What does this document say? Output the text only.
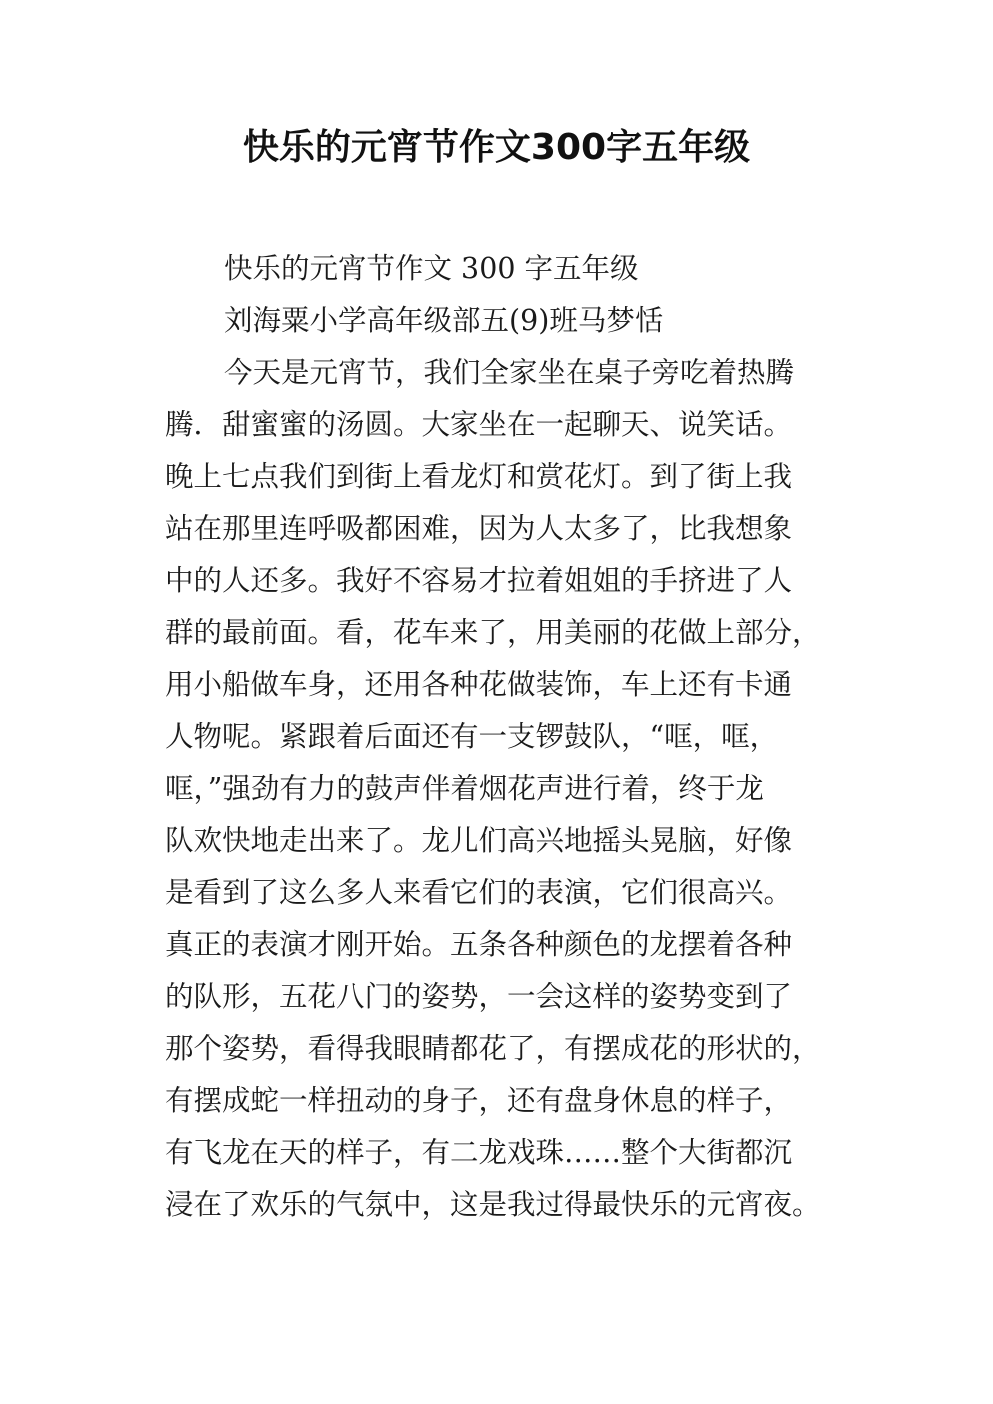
快乐的元宵节作文300字五年级
快乐的元宵节作文 300 字五年级
刘海粟小学高年级部五(9)班马梦恬
今天是元宵节，我们全家坐在桌子旁吃着热腾
腾．甜蜜蜜的汤圆。大家坐在一起聊天、说笑话。
晚上七点我们到街上看龙灯和赏花灯。到了街上我
站在那里连呼吸都困难，因为人太多了，比我想象
中的人还多。我好不容易才拉着姐姐的手挤进了人
群的最前面。看，花车来了，用美丽的花做上部分，
用小船做车身，还用各种花做装饰，车上还有卡通
人物呢。紧跟着后面还有一支锣鼓队，“哐，哐，
哐，”强劲有力的鼓声伴着烟花声进行着，终于龙
队欢快地走出来了。龙儿们高兴地摇头晃脑，好像
是看到了这么多人来看它们的表演，它们很高兴。
真正的表演才刚开始。五条各种颜色的龙摆着各种
的队形，五花八门的姿势，一会这样的姿势变到了
那个姿势，看得我眼睛都花了，有摆成花的形状的，
有摆成蛇一样扭动的身子，还有盘身休息的样子，
有飞龙在天的样子，有二龙戏珠……整个大街都沉
浸在了欢乐的气氛中，这是我过得最快乐的元宵夜。
